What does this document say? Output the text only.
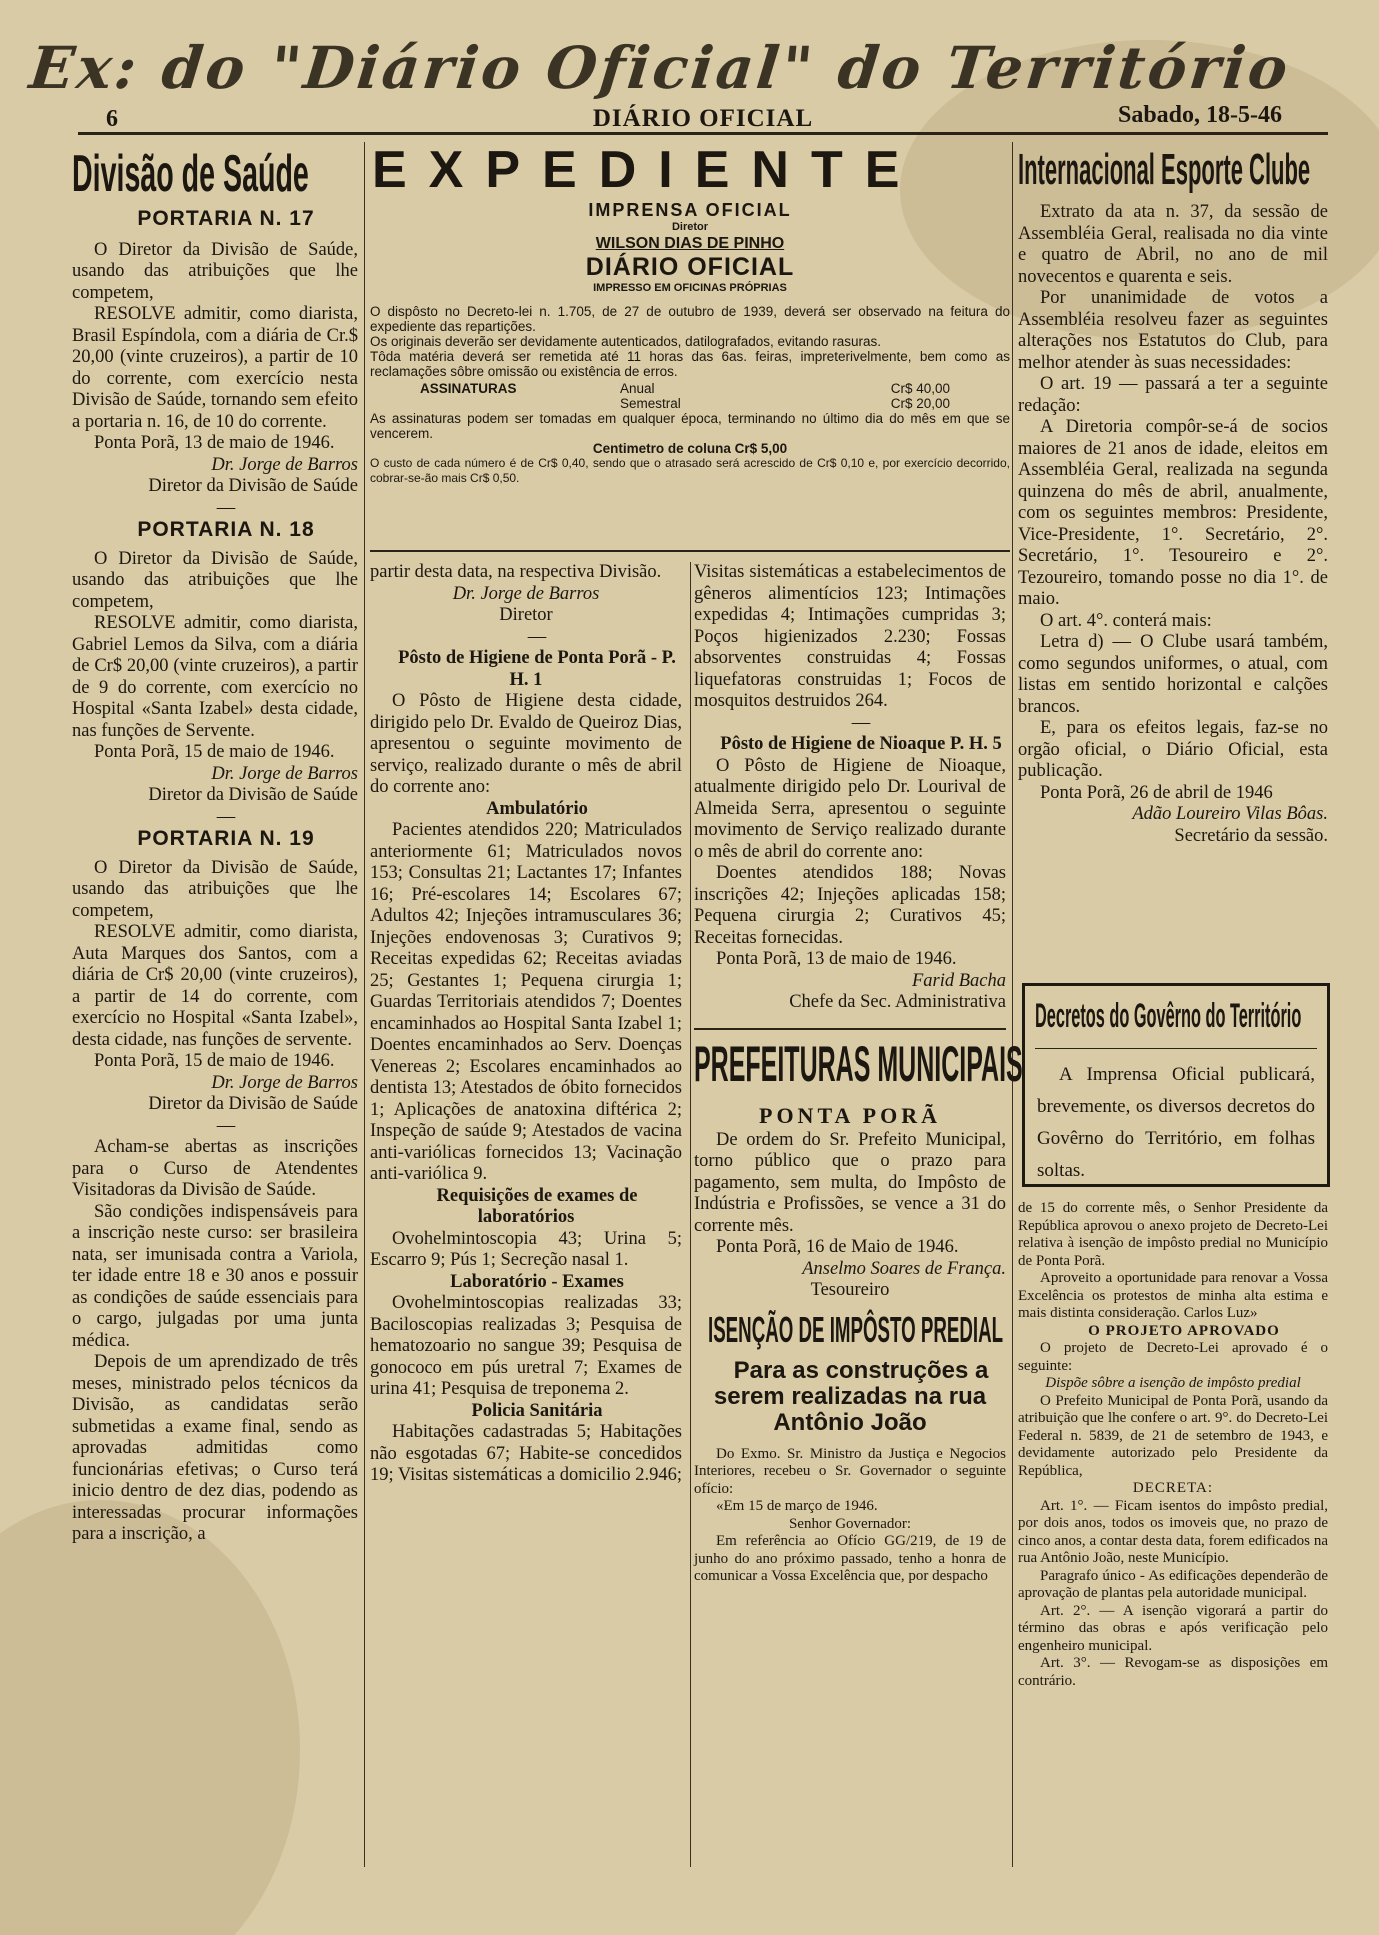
Ex: do "Diário Oficial" do Território
6	DIÁRIO OFICIAL	Sabado, 18-5-46
Divisão de Saúde

PORTARIA N. 17

O Diretor da Divisão de Saúde, usando das atribuições que lhe competem,

RESOLVE admitir, como diarista, Brasil Espíndola, com a diária de Cr.$ 20,00 (vinte cruzeiros), a partir de 10 do corrente, com exercício nesta Divisão de Saúde, tornando sem efeito a portaria n. 16, de 10 do corrente.

Ponta Porã, 13 de maio de 1946.

Dr. Jorge de Barros

Diretor da Divisão de Saúde

—

PORTARIA N. 18

O Diretor da Divisão de Saúde, usando das atribuições que lhe competem,

RESOLVE admitir, como diarista, Gabriel Lemos da Silva, com a diária de Cr$ 20,00 (vinte cruzeiros), a partir de 9 do corrente, com exercício no Hospital «Santa Izabel» desta cidade, nas funções de Servente.

Ponta Porã, 15 de maio de 1946.

Dr. Jorge de Barros

Diretor da Divisão de Saúde

—

PORTARIA N. 19

O Diretor da Divisão de Saúde, usando das atribuições que lhe competem,

RESOLVE admitir, como diarista, Auta Marques dos Santos, com a diária de Cr$ 20,00 (vinte cruzeiros), a partir de 14 do corrente, com exercício no Hospital «Santa Izabel», desta cidade, nas funções de servente.

Ponta Porã, 15 de maio de 1946.

Dr. Jorge de Barros

Diretor da Divisão de Saúde

—

Acham-se abertas as inscrições para o Curso de Atendentes Visitadoras da Divisão de Saúde.

São condições indispensáveis para a inscrição neste curso: ser brasileira nata, ser imunisada contra a Variola, ter idade entre 18 e 30 anos e possuir as condições de saúde essenciais para o cargo, julgadas por uma junta médica.

Depois de um aprendizado de três meses, ministrado pelos técnicos da Divisão, as candidatas serão submetidas a exame final, sendo as aprovadas admitidas como funcionárias efetivas; o Curso terá inicio dentro de dez dias, podendo as interessadas procurar informações para a inscrição, a

EXPEDIENTE
IMPRENSA OFICIAL
Diretor
WILSON DIAS DE PINHO
DIÁRIO OFICIAL
IMPRESSO EM OFICINAS PRÓPRIAS
O dispôsto no Decreto-lei n. 1.705, de 27 de outubro de 1939, deverá ser observado na feitura do expediente das repartições.
Os originais deverão ser devidamente autenticados, datilografados, evitando rasuras.
Tôda matéria deverá ser remetida até 11 horas das 6as. feiras, impreterivelmente, bem como as reclamações sôbre omissão ou existência de erros.
ASSINATURAS	Anual	Cr$ 40,00
Semestral	Cr$ 20,00
As assinaturas podem ser tomadas em qualquer época, terminando no último dia do mês em que se vencerem.
Centimetro de coluna Cr$ 5,00
O custo de cada número é de Cr$ 0,40, sendo que o atrasado será acrescido de Cr$ 0,10 e, por exercício decorrido, cobrar-se-ão mais Cr$ 0,50.

partir desta data, na respectiva Divisão.

Dr. Jorge de Barros

Diretor

—

Pôsto de Higiene de Ponta Porã - P. H. 1

O Pôsto de Higiene desta cidade, dirigido pelo Dr. Evaldo de Queiroz Dias, apresentou o seguinte movimento de serviço, realizado durante o mês de abril do corrente ano:

Ambulatório

Pacientes atendidos 220; Matriculados anteriormente 61; Matriculados novos 153; Consultas 21; Lactantes 17; Infantes 16; Pré-escolares 14; Escolares 67; Adultos 42; Injeções intramusculares 36; Injeções endovenosas 3; Curativos 9; Receitas expedidas 62; Receitas aviadas 25; Gestantes 1; Pequena cirurgia 1; Guardas Territoriais atendidos 7; Doentes encaminhados ao Hospital Santa Izabel 1; Doentes encaminhados ao Serv. Doenças Venereas 2; Escolares encaminhados ao dentista 13; Atestados de óbito fornecidos 1; Aplicações de anatoxina diftérica 2; Inspeção de saúde 9; Atestados de vacina anti-variólicas fornecidos 13; Vacinação anti-variólica 9.

Requisições de exames de laboratórios

Ovohelmintoscopia 43; Urina 5; Escarro 9; Pús 1; Secreção nasal 1.

Laboratório - Exames

Ovohelmintoscopias realizadas 33; Baciloscopias realizadas 3; Pesquisa de hematozoario no sangue 39; Pesquisa de gonococo em pús uretral 7; Exames de urina 41; Pesquisa de treponema 2.

Policia Sanitária

Habitações cadastradas 5; Habitações não esgotadas 67; Habite-se concedidos 19; Visitas sistemáticas a domicilio 2.946;

Visitas sistemáticas a estabelecimentos de gêneros alimentícios 123; Intimações expedidas 4; Intimações cumpridas 3; Poços higienizados 2.230; Fossas absorventes construidas 4; Fossas liquefatoras construidas 1; Focos de mosquitos destruidos 264.

—

Pôsto de Higiene de Nioaque P. H. 5

O Pôsto de Higiene de Nioaque, atualmente dirigido pelo Dr. Lourival de Almeida Serra, apresentou o seguinte movimento de Serviço realizado durante o mês de abril do corrente ano:

Doentes atendidos 188; Novas inscrições 42; Injeções aplicadas 158; Pequena cirurgia 2; Curativos 45; Receitas fornecidas.

Ponta Porã, 13 de maio de 1946.

Farid Bacha

Chefe da Sec. Administrativa

PREFEITURAS MUNICIPAIS

PONTA PORÃ

De ordem do Sr. Prefeito Municipal, torno público que o prazo para pagamento, sem multa, do Impôsto de Indústria e Profissões, se vence a 31 do corrente mês.

Ponta Porã, 16 de Maio de 1946.

Anselmo Soares de França.

Tesoureiro

ISENÇÃO DE IMPÔSTO PREDIAL

Para as construções a serem realizadas na rua Antônio João

Do Exmo. Sr. Ministro da Justiça e Negocios Interiores, recebeu o Sr. Governador o seguinte ofício:

«Em 15 de março de 1946.

Senhor Governador:

Em referência ao Ofício GG/219, de 19 de junho do ano próximo passado, tenho a honra de comunicar a Vossa Excelência que, por despacho

Internacional Esporte Clube

Extrato da ata n. 37, da sessão de Assembléia Geral, realisada no dia vinte e quatro de Abril, no ano de mil novecentos e quarenta e seis.

Por unanimidade de votos a Assembléia resolveu fazer as seguintes alterações nos Estatutos do Club, para melhor atender às suas necessidades:

O art. 19 — passará a ter a seguinte redação:

A Diretoria compôr-se-á de socios maiores de 21 anos de idade, eleitos em Assembléia Geral, realizada na segunda quinzena do mês de abril, anualmente, com os seguintes membros: Presidente, Vice-Presidente, 1°. Secretário, 2°. Secretário, 1°. Tesoureiro e 2°. Tezoureiro, tomando posse no dia 1°. de maio.

O art. 4°. conterá mais:

Letra d) — O Clube usará também, como segundos uniformes, o atual, com listas em sentido horizontal e calções brancos.

E, para os efeitos legais, faz-se no orgão oficial, o Diário Oficial, esta publicação.

Ponta Porã, 26 de abril de 1946

Adão Loureiro Vilas Bôas.

Secretário da sessão.

Decretos do Govêrno do Território

A Imprensa Oficial publicará, brevemente, os diversos decretos do Govêrno do Território, em folhas soltas.

de 15 do corrente mês, o Senhor Presidente da República aprovou o anexo projeto de Decreto-Lei relativa à isenção de impôsto predial no Município de Ponta Porã.

Aproveito a oportunidade para renovar a Vossa Excelência os protestos de minha alta estima e mais distinta consideração. Carlos Luz»

O PROJETO APROVADO

O projeto de Decreto-Lei aprovado é o seguinte:

Dispõe sôbre a isenção de impôsto predial

O Prefeito Municipal de Ponta Porã, usando da atribuição que lhe confere o art. 9°. do Decreto-Lei Federal n. 5839, de 21 de setembro de 1943, e devidamente autorizado pelo Presidente da República,

DECRETA:

Art. 1°. — Ficam isentos do impôsto predial, por dois anos, todos os imoveis que, no prazo de cinco anos, a contar desta data, forem edificados na rua Antônio João, neste Município.

Paragrafo único - As edificações dependerão de aprovação de plantas pela autoridade municipal.

Art. 2°. — A isenção vigorará a partir do término das obras e após verificação pelo engenheiro municipal.

Art. 3°. — Revogam-se as disposições em contrário.
